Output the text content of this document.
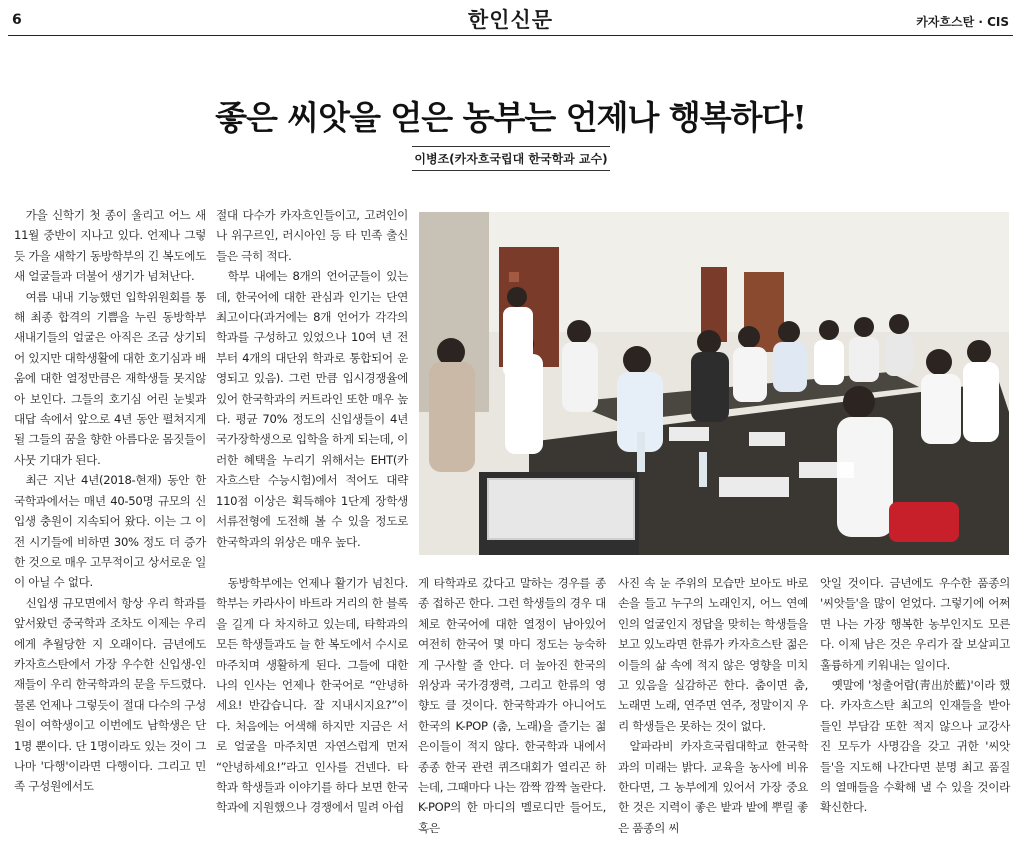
6	한인신문	카자흐스탄 · CIS
좋은 씨앗을 얻은 농부는 언제나 행복하다!
이병조(카자흐국립대 한국학과 교수)

가을 신학기 첫 종이 울리고 어느 새 11월 중반이 지나고 있다. 언제나 그렇듯 가을 새학기 동방학부의 긴 복도에도 새 얼굴들과 더불어 생기가 넘쳐난다.

여름 내내 기능했던 입학위원회를 통해 최종 합격의 기쁨을 누린 동방학부 새내기들의 얼굴은 아직은 조금 상기되어 있지만 대학생활에 대한 호기심과 배움에 대한 열정만큼은 재학생들 못지않아 보인다. 그들의 호기심 어린 눈빛과 대답 속에서 앞으로 4년 동안 펼쳐지게 될 그들의 꿈을 향한 아름다운 몸짓들이 사뭇 기대가 된다.

최근 지난 4년(2018-현재) 동안 한국학과에서는 매년 40-50명 규모의 신입생 충원이 지속되어 왔다. 이는 그 이전 시기들에 비하면 30% 정도 더 증가한 것으로 매우 고무적이고 상서로운 일이 아닐 수 없다.

신입생 규모면에서 항상 우리 학과를 앞서왔던 중국학과 조차도 이제는 우리에게 추월당한 지 오래이다. 금년에도 카자흐스탄에서 가장 우수한 신입생-인재들이 우리 한국학과의 문을 두드렸다. 물론 언제나 그렇듯이 절대 다수의 구성원이 여학생이고 이번에도 남학생은 단 1명 뿐이다. 단 1명이라도 있는 것이 그나마 '다행'이라면 다행이다. 그리고 민족 구성원에서도

절대 다수가 카자흐인들이고, 고려인이나 위구르인, 러시아인 등 타 민족 출신들은 극히 적다.

학부 내에는 8개의 언어군들이 있는데, 한국어에 대한 관심과 인기는 단연 최고이다(과거에는 8개 언어가 각각의 학과를 구성하고 있었으나 10여 년 전부터 4개의 대단위 학과로 통합되어 운영되고 있음). 그런 만큼 입시경쟁율에 있어 한국학과의 커트라인 또한 매우 높다. 평균 70% 정도의 신입생들이 4년 국가장학생으로 입학을 하게 되는데, 이러한 혜택을 누리기 위해서는 ЕНТ(카자흐스탄 수능시험)에서 적어도 대략 110점 이상은 획득해야 1단계 장학생 서류전형에 도전해 볼 수 있을 정도로 한국학과의 위상은 매우 높다.

동방학부에는 언제나 활기가 넘친다. 학부는 카라사이 바트라 거리의 한 블록을 길게 다 차지하고 있는데, 타학과의 모든 학생들과도 늘 한 복도에서 수시로 마주치며 생활하게 된다. 그들에 대한 나의 인사는 언제나 한국어로 “안녕하세요! 반갑습니다. 잘 지내시지요?”이다. 처음에는 어색해 하지만 지금은 서로 얼굴을 마주치면 자연스럽게 먼저 “안녕하세요!”라고 인사를 건넨다. 타학과 학생들과 이야기를 하다 보면 한국학과에 지원했으나 경쟁에서 밀려 아쉽

게 타학과로 갔다고 말하는 경우를 종종 접하곤 한다. 그런 학생들의 경우 대체로 한국어에 대한 열정이 남아있어 여전히 한국어 몇 마디 정도는 능숙하게 구사할 줄 안다. 더 높아진 한국의 위상과 국가경쟁력, 그리고 한류의 영향도 클 것이다. 한국학과가 아니어도 한국의 K-POP (춤, 노래)을 즐기는 젊은이들이 적지 않다. 한국학과 내에서 종종 한국 관련 퀴즈대회가 열리곤 하는데, 그때마다 나는 깜짝 깜짝 놀란다. K-POP의 한 마디의 멜로디만 들어도, 혹은

사진 속 눈 주위의 모습만 보아도 바로 손을 들고 누구의 노래인지, 어느 연예인의 얼굴인지 정답을 맞히는 학생들을 보고 있노라면 한류가 카자흐스탄 젊은이들의 삶 속에 적지 않은 영향을 미치고 있음을 실감하곤 한다. 춤이면 춤, 노래면 노래, 연주면 연주, 정말이지 우리 학생들은 못하는 것이 없다.

알파라비 카자흐국립대학교 한국학과의 미래는 밝다. 교육을 농사에 비유한다면, 그 농부에게 있어서 가장 중요한 것은 지력이 좋은 밭과 밭에 뿌릴 좋은 품종의 씨

앗일 것이다. 금년에도 우수한 품종의 '씨앗들'을 많이 얻었다. 그렇기에 어쩌면 나는 가장 행복한 농부인지도 모른다. 이제 남은 것은 우리가 잘 보살피고 훌륭하게 키워내는 일이다.

옛말에 '청출어람(靑出於藍)'이라 했다. 카자흐스탄 최고의 인재들을 받아들인 부담감 또한 적지 않으나 교강사진 모두가 사명감을 갖고 귀한 '씨앗들'을 지도해 나간다면 분명 최고 품질의 열매들을 수확해 낼 수 있을 것이라 확신한다.
